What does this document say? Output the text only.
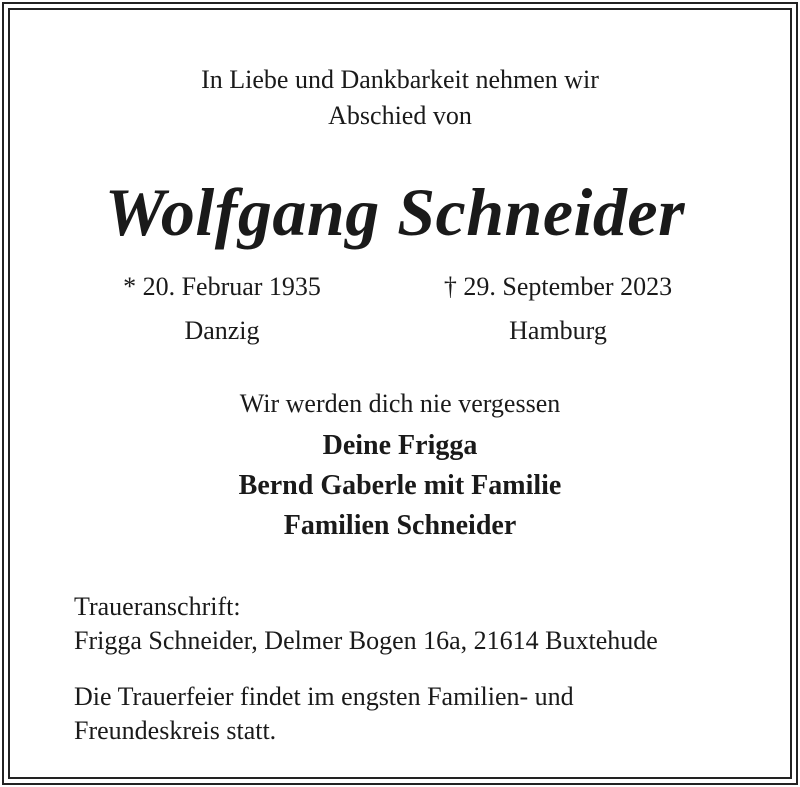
In Liebe und Dankbarkeit nehmen wir
Abschied von
Wolfgang Schneider
* 20. Februar 1935
Danzig
† 29. September 2023
Hamburg
Wir werden dich nie vergessen
Deine Frigga
Bernd Gaberle mit Familie
Familien Schneider
Traueranschrift:
Frigga Schneider, Delmer Bogen 16a, 21614 Buxtehude
Die Trauerfeier findet im engsten Familien- und
Freundeskreis statt.
